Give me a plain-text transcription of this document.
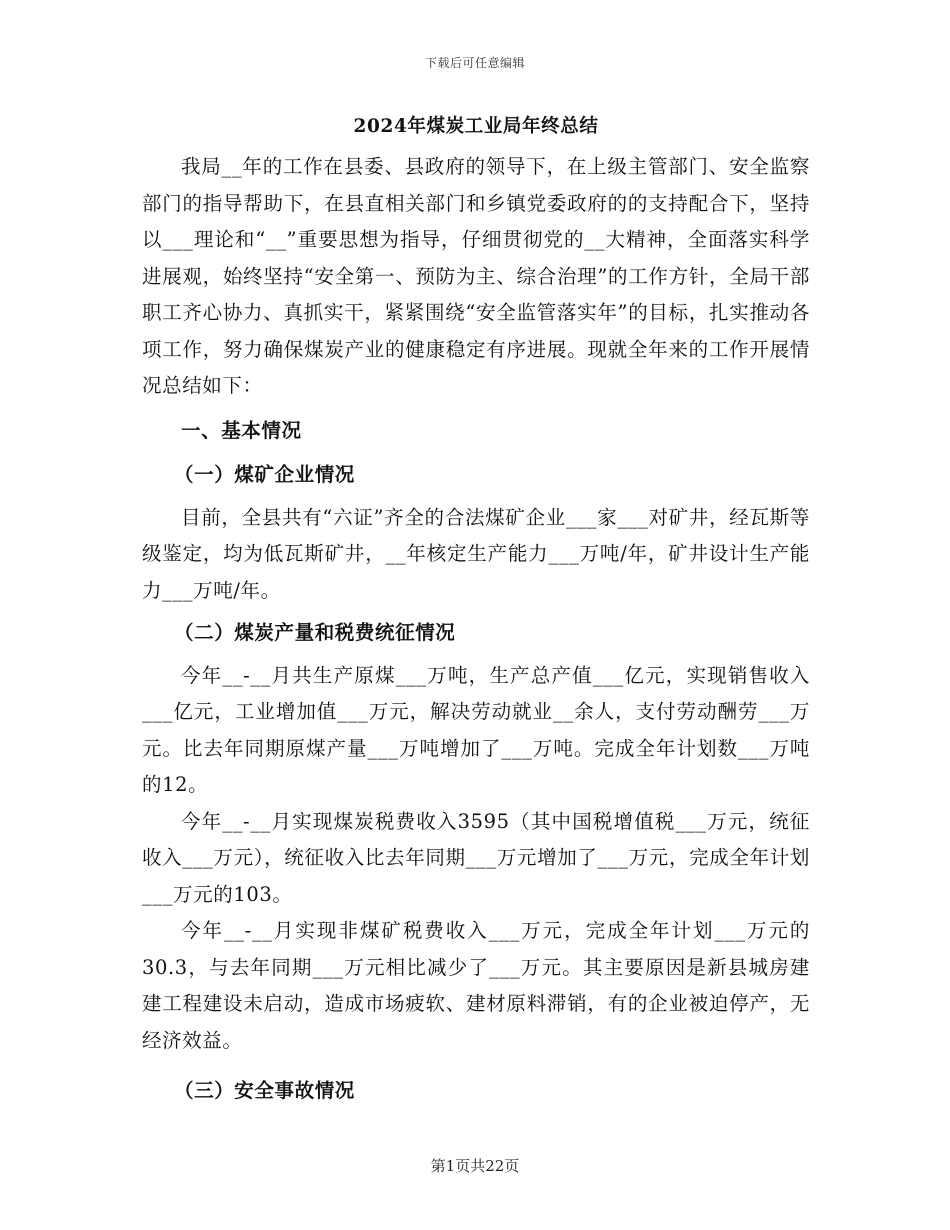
下载后可任意编辑
2024年煤炭工业局年终总结

我局__年的工作在县委、县政府的领导下，在上级主管部门、安全监察部门的指导帮助下，在县直相关部门和乡镇党委政府的的支持配合下，坚持以___理论和“__”重要思想为指导，仔细贯彻党的__大精神，全面落实科学进展观，始终坚持“安全第一、预防为主、综合治理”的工作方针，全局干部职工齐心协力、真抓实干，紧紧围绕“安全监管落实年”的目标，扎实推动各项工作，努力确保煤炭产业的健康稳定有序进展。现就全年来的工作开展情况总结如下：

一、基本情况
（一）煤矿企业情况

目前，全县共有“六证”齐全的合法煤矿企业___家___对矿井，经瓦斯等级鉴定，均为低瓦斯矿井，__年核定生产能力___万吨/年，矿井设计生产能力___万吨/年。

（二）煤炭产量和税费统征情况

今年__-__月共生产原煤___万吨，生产总产值___亿元，实现销售收入___亿元，工业增加值___万元，解决劳动就业__余人，支付劳动酬劳___万元。比去年同期原煤产量___万吨增加了___万吨。完成全年计划数___万吨的12。

今年__-__月实现煤炭税费收入3595（其中国税增值税___万元，统征收入___万元），统征收入比去年同期___万元增加了___万元，完成全年计划___万元的103。

今年__-__月实现非煤矿税费收入___万元，完成全年计划___万元的30.3，与去年同期___万元相比减少了___万元。其主要原因是新县城房建建工程建设未启动，造成市场疲软、建材原料滞销，有的企业被迫停产，无经济效益。

（三）安全事故情况
第1页共22页
